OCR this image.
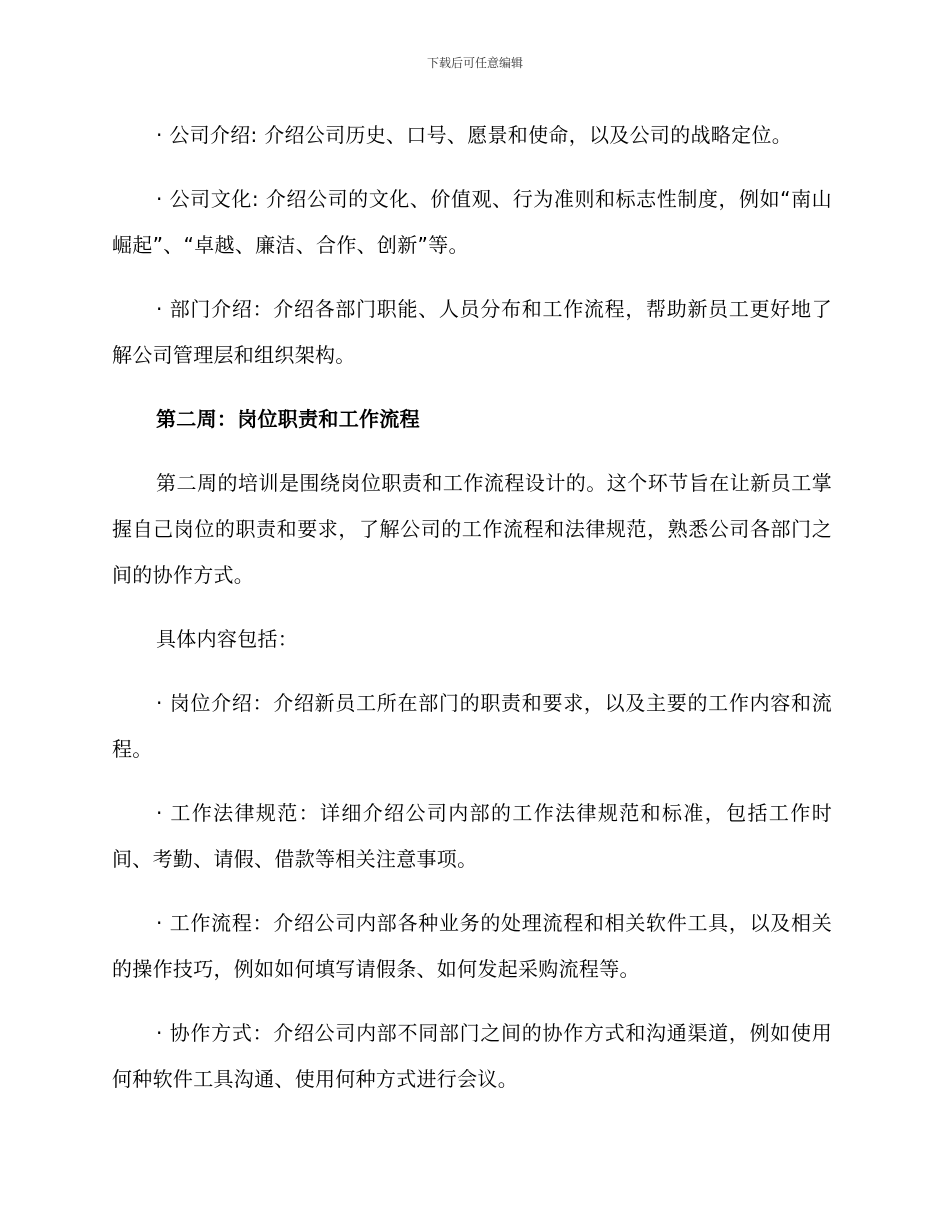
下载后可任意编辑

· 公司介绍: 介绍公司历史、口号、愿景和使命，以及公司的战略定位。

· 公司文化: 介绍公司的文化、价值观、行为准则和标志性制度，例如“南山崛起”、“卓越、廉洁、合作、创新”等。

· 部门介绍：介绍各部门职能、人员分布和工作流程，帮助新员工更好地了解公司管理层和组织架构。

第二周：岗位职责和工作流程

第二周的培训是围绕岗位职责和工作流程设计的。这个环节旨在让新员工掌握自己岗位的职责和要求，了解公司的工作流程和法律规范，熟悉公司各部门之间的协作方式。

具体内容包括：

· 岗位介绍：介绍新员工所在部门的职责和要求，以及主要的工作内容和流程。

· 工作法律规范：详细介绍公司内部的工作法律规范和标准，包括工作时间、考勤、请假、借款等相关注意事项。

· 工作流程：介绍公司内部各种业务的处理流程和相关软件工具，以及相关的操作技巧，例如如何填写请假条、如何发起采购流程等。

· 协作方式：介绍公司内部不同部门之间的协作方式和沟通渠道，例如使用何种软件工具沟通、使用何种方式进行会议。
